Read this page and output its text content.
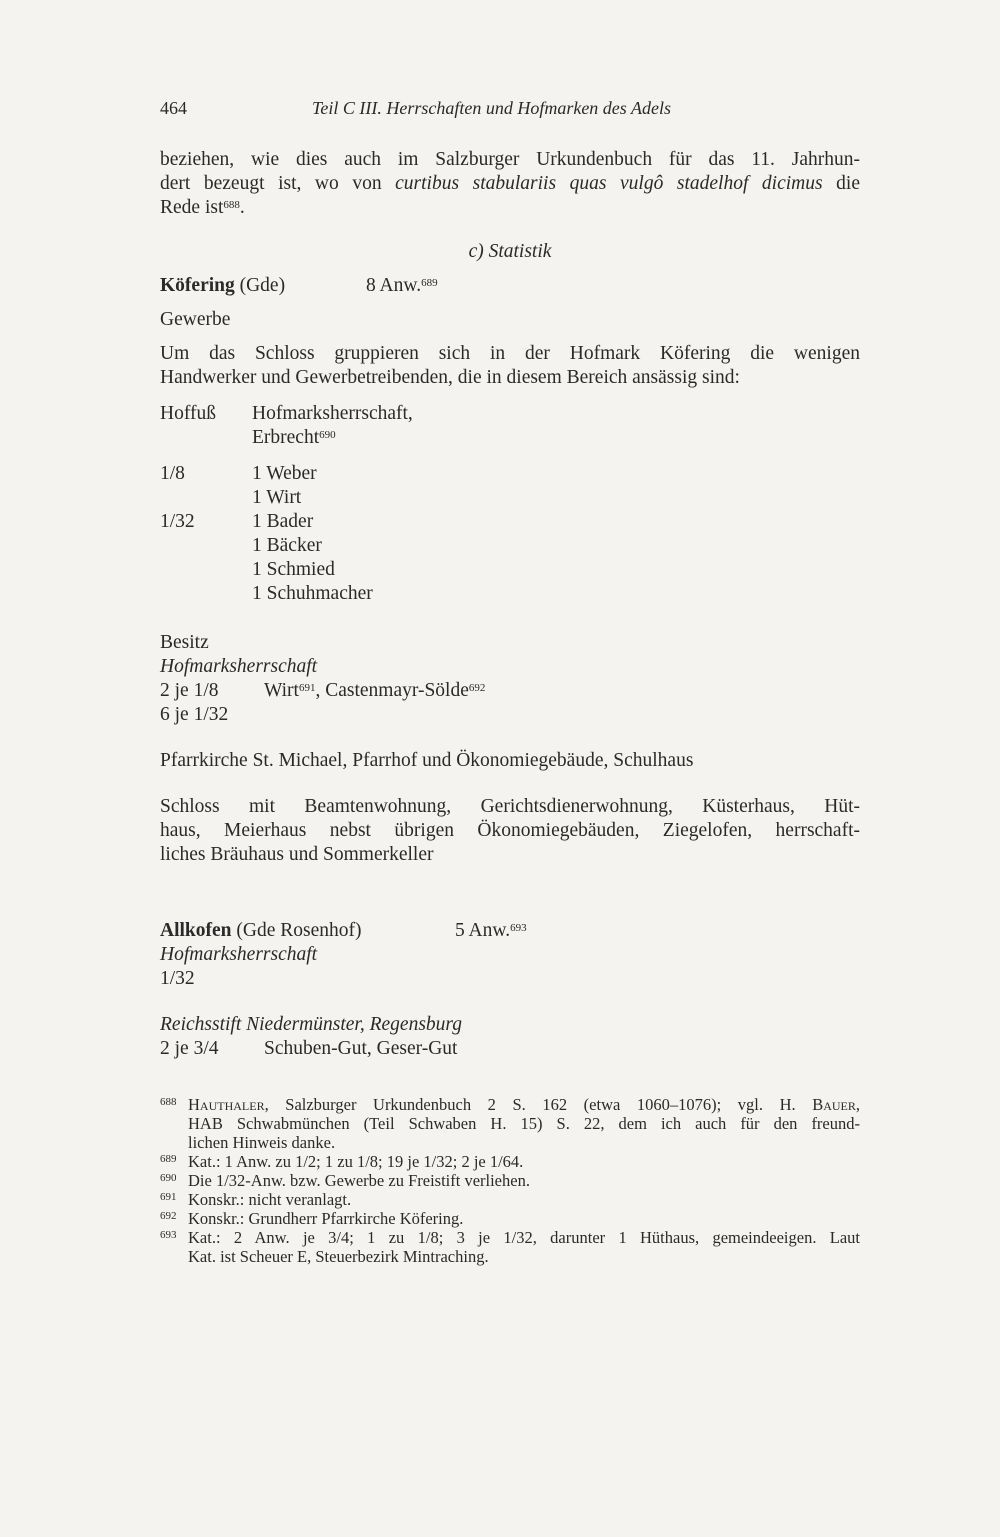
464	Teil C III. Herrschaften und Hofmarken des Adels
beziehen, wie dies auch im Salzburger Urkundenbuch für das 11. Jahrhun-
dert bezeugt ist, wo von curtibus stabulariis quas vulgô stadelhof dicimus die
Rede ist$^{688}$.
c) Statistik
Köfering (Gde)	8 Anw.$^{689}$
Gewerbe
Um das Schloss gruppieren sich in der Hofmark Köfering die wenigen
Handwerker und Gewerbetreibenden, die in diesem Bereich ansässig sind:
Hoffuß Hofmarksherrschaft,
Erbrecht$^{690}$
1/8	1 Weber
1 Wirt
1/32	1 Bader
1 Bäcker
1 Schmied
1 Schuhmacher
Besitz
Hofmarksherrschaft
2 je 1/8 Wirt$^{691}$, Castenmayr-Sölde$^{692}$
6 je 1/32
Pfarrkirche St. Michael, Pfarrhof und Ökonomiegebäude, Schulhaus
Schloss mit Beamtenwohnung, Gerichtsdienerwohnung, Küsterhaus, Hüt-
haus, Meierhaus nebst übrigen Ökonomiegebäuden, Ziegelofen, herrschaft-
liches Bräuhaus und Sommerkeller
Allkofen (Gde Rosenhof)	5 Anw.$^{693}$
Hofmarksherrschaft
1/32
Reichsstift Niedermünster, Regensburg
2 je 3/4 Schuben-Gut, Geser-Gut
688 Hauthaler, Salzburger Urkundenbuch 2 S. 162 (etwa 1060–1076); vgl. H. Bauer,
HAB Schwabmünchen (Teil Schwaben H. 15) S. 22, dem ich auch für den freund-
lichen Hinweis danke.
689 Kat.: 1 Anw. zu 1/2; 1 zu 1/8; 19 je 1/32; 2 je 1/64.
690 Die 1/32-Anw. bzw. Gewerbe zu Freistift verliehen.
691 Konskr.: nicht veranlagt.
692 Konskr.: Grundherr Pfarrkirche Köfering.
693 Kat.: 2 Anw. je 3/4; 1 zu 1/8; 3 je 1/32, darunter 1 Hüthaus, gemeindeeigen. Laut
Kat. ist Scheuer E, Steuerbezirk Mintraching.
